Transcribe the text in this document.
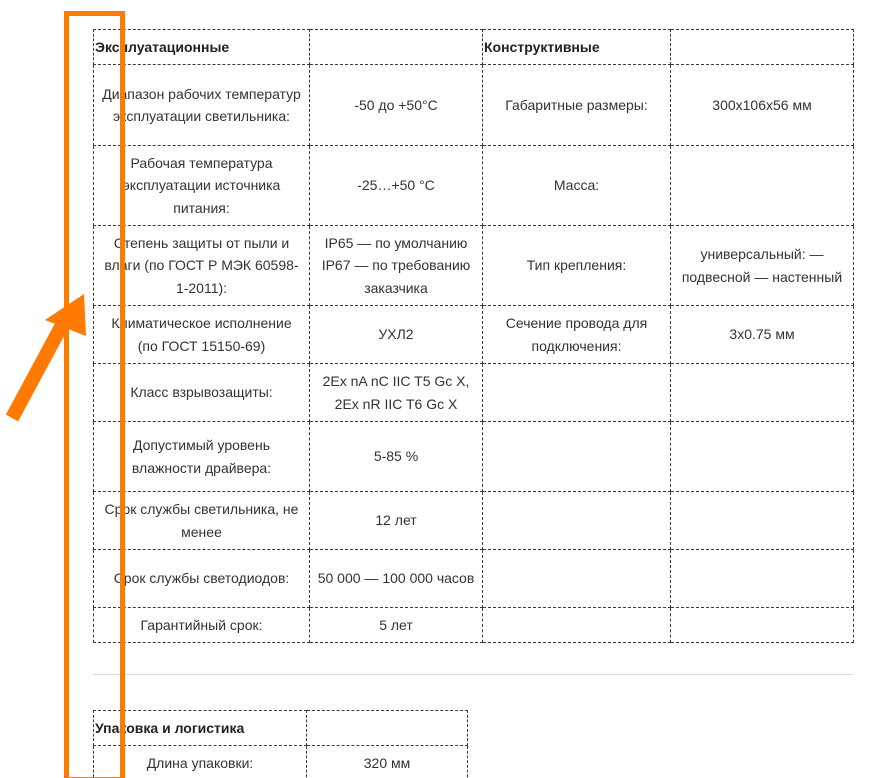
Эксплуатационные		Конструктивные	
Диапазон рабочих температур эксплуатации светильника:	-50 до +50°C	Габаритные размеры:	300х106х56 мм
Рабочая температура эксплуатации источника питания:	-25…+50 °C	Масса:	
Степень защиты от пыли и влаги (по ГОСТ Р МЭК 60598-1-2011):	IP65 — по умолчанию IP67 — по требованию заказчика	Тип крепления:	универсальный: — подвесной — настенный
Климатическое исполнение (по ГОСТ 15150-69)	УХЛ2	Сечение провода для подключения:	3х0.75 мм
Класс взрывозащиты:	2Ex nA nC IIC T5 Gc X, 2Ex nR IIC T6 Gc X		
Допустимый уровень влажности драйвера:	5-85 %		
Срок службы светильника, не менее	12 лет		
Срок службы светодиодов:	50 000 — 100 000 часов		
Гарантийный срок:	5 лет		
Упаковка и логистика	
Длина упаковки:	320 мм
